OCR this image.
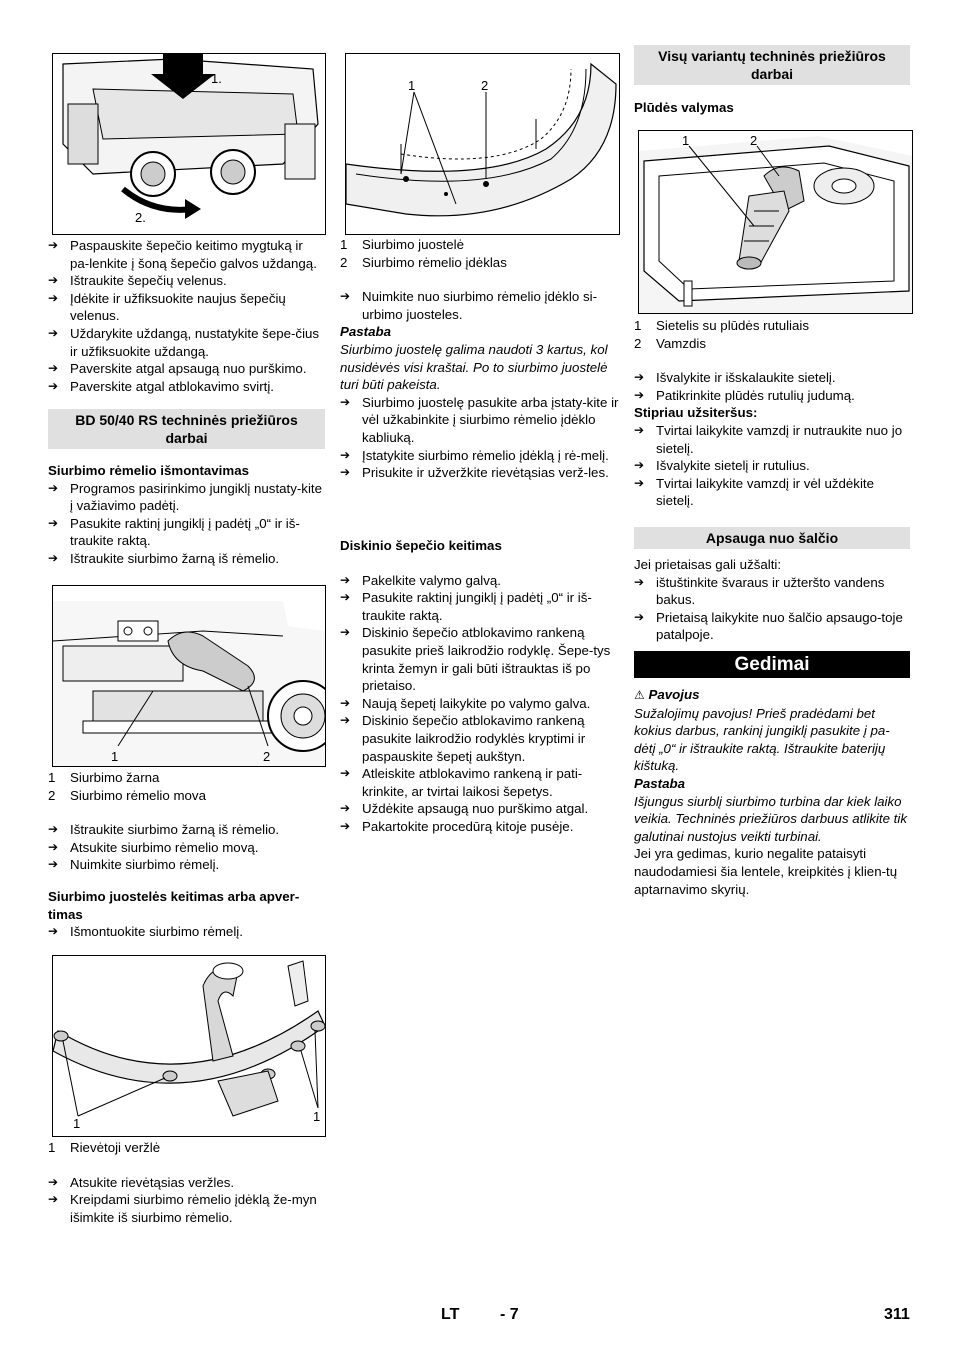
1.
2.
➔ Paspauskite šepečio keitimo mygtuką ir pa-lenkite į šoną šepečio galvos uždangą.
➔ Ištraukite šepečių velenus.
➔ Įdėkite ir užfiksuokite naujus šepečių velenus.
➔ Uždarykite uždangą, nustatykite šepe-čius ir užfiksuokite uždangą.
➔ Paverskite atgal apsaugą nuo purškimo.
➔ Paverskite atgal atblokavimo svirtį.
BD 50/40 RS techninės priežiūros darbai
Siurbimo rėmelio išmontavimas
➔ Programos pasirinkimo jungiklį nustaty-kite į važiavimo padėtį.
➔ Pasukite raktinį jungiklį į padėtį „0“ ir iš-traukite raktą.
➔ Ištraukite siurbimo žarną iš rėmelio.
1	2
1 Siurbimo žarna
2 Siurbimo rėmelio mova
➔ Ištraukite siurbimo žarną iš rėmelio.
➔ Atsukite siurbimo rėmelio movą.
➔ Nuimkite siurbimo rėmelį.
Siurbimo juostelės keitimas arba apver-timas
➔ Išmontuokite siurbimo rėmelį.
1	1
1 Rievėtoji veržlė
➔ Atsukite rievėtąsias veržles.
➔ Kreipdami siurbimo rėmelio įdėklą že-myn išimkite iš siurbimo rėmelio.
1	2
1 Siurbimo juostelė
2 Siurbimo rėmelio įdėklas
➔ Nuimkite nuo siurbimo rėmelio įdėklo si-urbimo juosteles.
Pastaba
Siurbimo juostelę galima naudoti 3 kartus, kol nusidėvės visi kraštai. Po to siurbimo juostelė turi būti pakeista.
➔ Siurbimo juostelę pasukite arba įstaty-kite ir vėl užkabinkite į siurbimo rėmelio įdėklo kabliuką.
➔ Įstatykite siurbimo rėmelio įdėklą į rė-melį.
➔ Prisukite ir užveržkite rievėtąsias verž-les.
Diskinio šepečio keitimas
➔ Pakelkite valymo galvą.
➔ Pasukite raktinį jungiklį į padėtį „0“ ir iš-traukite raktą.
➔ Diskinio šepečio atblokavimo rankeną pasukite prieš laikrodžio rodyklę. Šepe-tys krinta žemyn ir gali būti ištrauktas iš po prietaiso.
➔ Naują šepetį laikykite po valymo galva.
➔ Diskinio šepečio atblokavimo rankeną pasukite laikrodžio rodyklės kryptimi ir paspauskite šepetį aukštyn.
➔ Atleiskite atblokavimo rankeną ir pati-krinkite, ar tvirtai laikosi šepetys.
➔ Uždėkite apsaugą nuo purškimo atgal.
➔ Pakartokite procedūrą kitoje pusėje.
Visų variantų techninės priežiūros darbai
Plūdės valymas
1	2
1 Sietelis su plūdės rutuliais
2 Vamzdis
➔ Išvalykite ir išskalaukite sietelį.
➔ Patikrinkite plūdės rutulių judumą.
Stipriau užsiteršus:
➔ Tvirtai laikykite vamzdį ir nutraukite nuo jo sietelį.
➔ Išvalykite sietelį ir rutulius.
➔ Tvirtai laikykite vamzdį ir vėl uždėkite sietelį.
Apsauga nuo šalčio
Jei prietaisas gali užšalti:
➔ ištuštinkite švaraus ir užteršto vandens bakus.
➔ Prietaisą laikykite nuo šalčio apsaugo-toje patalpoje.
Gedimai
⚠ Pavojus
Sužalojimų pavojus! Prieš pradėdami bet kokius darbus, rankinį jungiklį pasukite į pa-dėtį „0“ ir ištraukite raktą. Ištraukite baterijų kištuką.
Pastaba
Išjungus siurblį siurbimo turbina dar kiek laiko veikia. Techninės priežiūros darbuus atlikite tik galutinai nustojus veikti turbinai.
Jei yra gedimas, kurio negalite pataisyti naudodamiesi šia lentele, kreipkitės į klien-tų aptarnavimo skyrių.
LT	- 7	311
